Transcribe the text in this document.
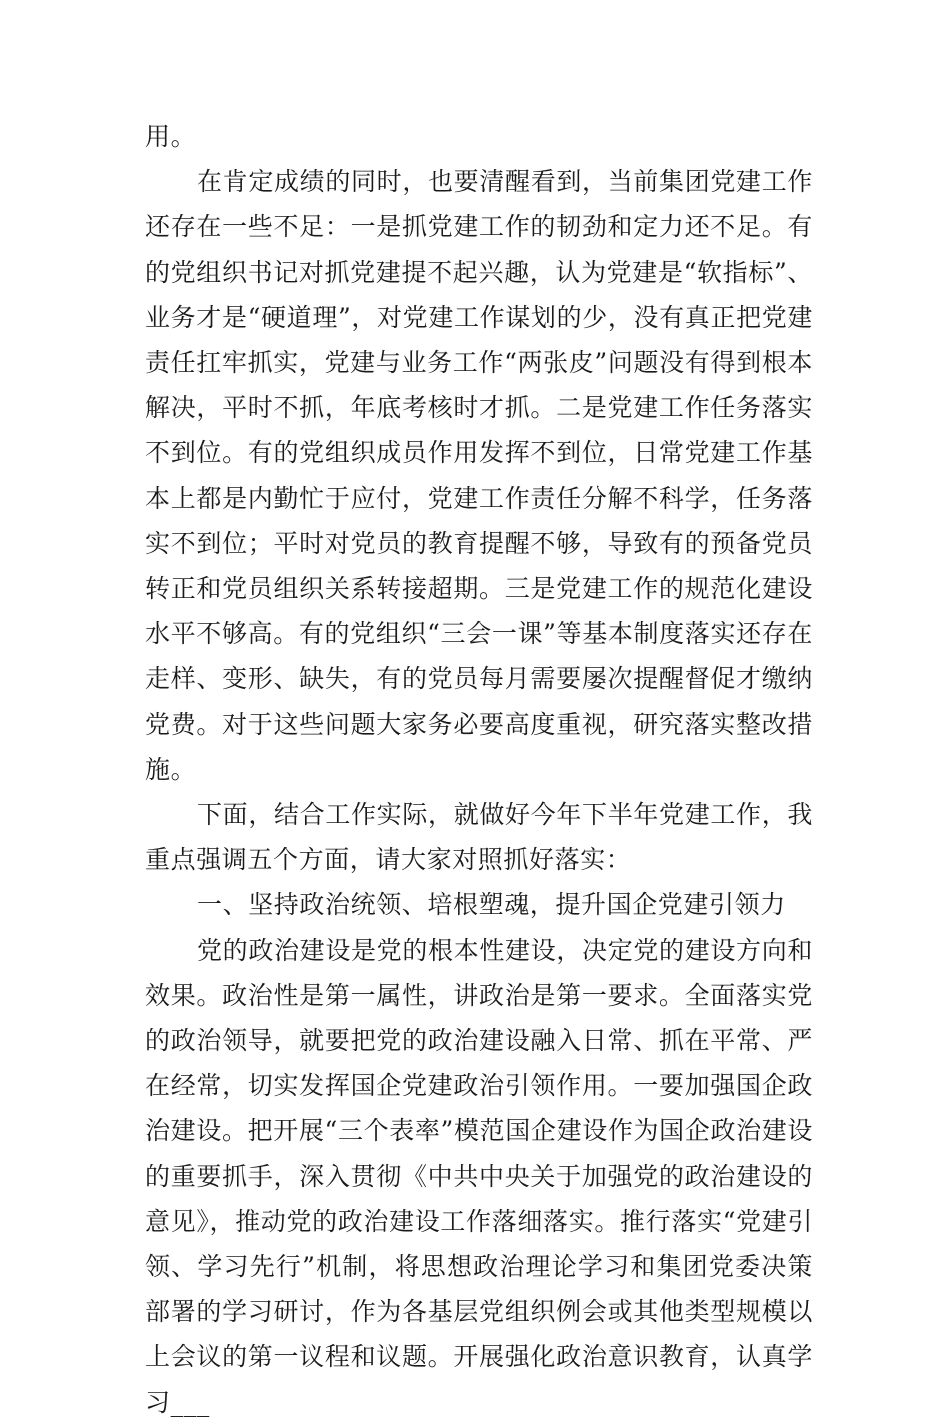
用。

在肯定成绩的同时，也要清醒看到，当前集团党建工作还存在一些不足：一是抓党建工作的韧劲和定力还不足。有的党组织书记对抓党建提不起兴趣，认为党建是“软指标”、业务才是“硬道理”，对党建工作谋划的少，没有真正把党建责任扛牢抓实，党建与业务工作“两张皮”问题没有得到根本解决，平时不抓，年底考核时才抓。二是党建工作任务落实不到位。有的党组织成员作用发挥不到位，日常党建工作基本上都是内勤忙于应付，党建工作责任分解不科学，任务落实不到位；平时对党员的教育提醒不够，导致有的预备党员转正和党员组织关系转接超期。三是党建工作的规范化建设水平不够高。有的党组织“三会一课”等基本制度落实还存在走样、变形、缺失，有的党员每月需要屡次提醒督促才缴纳党费。对于这些问题大家务必要高度重视，研究落实整改措施。

下面，结合工作实际，就做好今年下半年党建工作，我重点强调五个方面，请大家对照抓好落实：

一、坚持政治统领、培根塑魂，提升国企党建引领力

党的政治建设是党的根本性建设，决定党的建设方向和效果。政治性是第一属性，讲政治是第一要求。全面落实党的政治领导，就要把党的政治建设融入日常、抓在平常、严在经常，切实发挥国企党建政治引领作用。一要加强国企政治建设。把开展“三个表率”模范国企建设作为国企政治建设的重要抓手，深入贯彻《中共中央关于加强党的政治建设的意见》，推动党的政治建设工作落细落实。推行落实“党建引领、学习先行”机制，将思想政治理论学习和集团党委决策部署的学习研讨，作为各基层党组织例会或其他类型规模以上会议的第一议程和议题。开展强化政治意识教育，认真学习___
